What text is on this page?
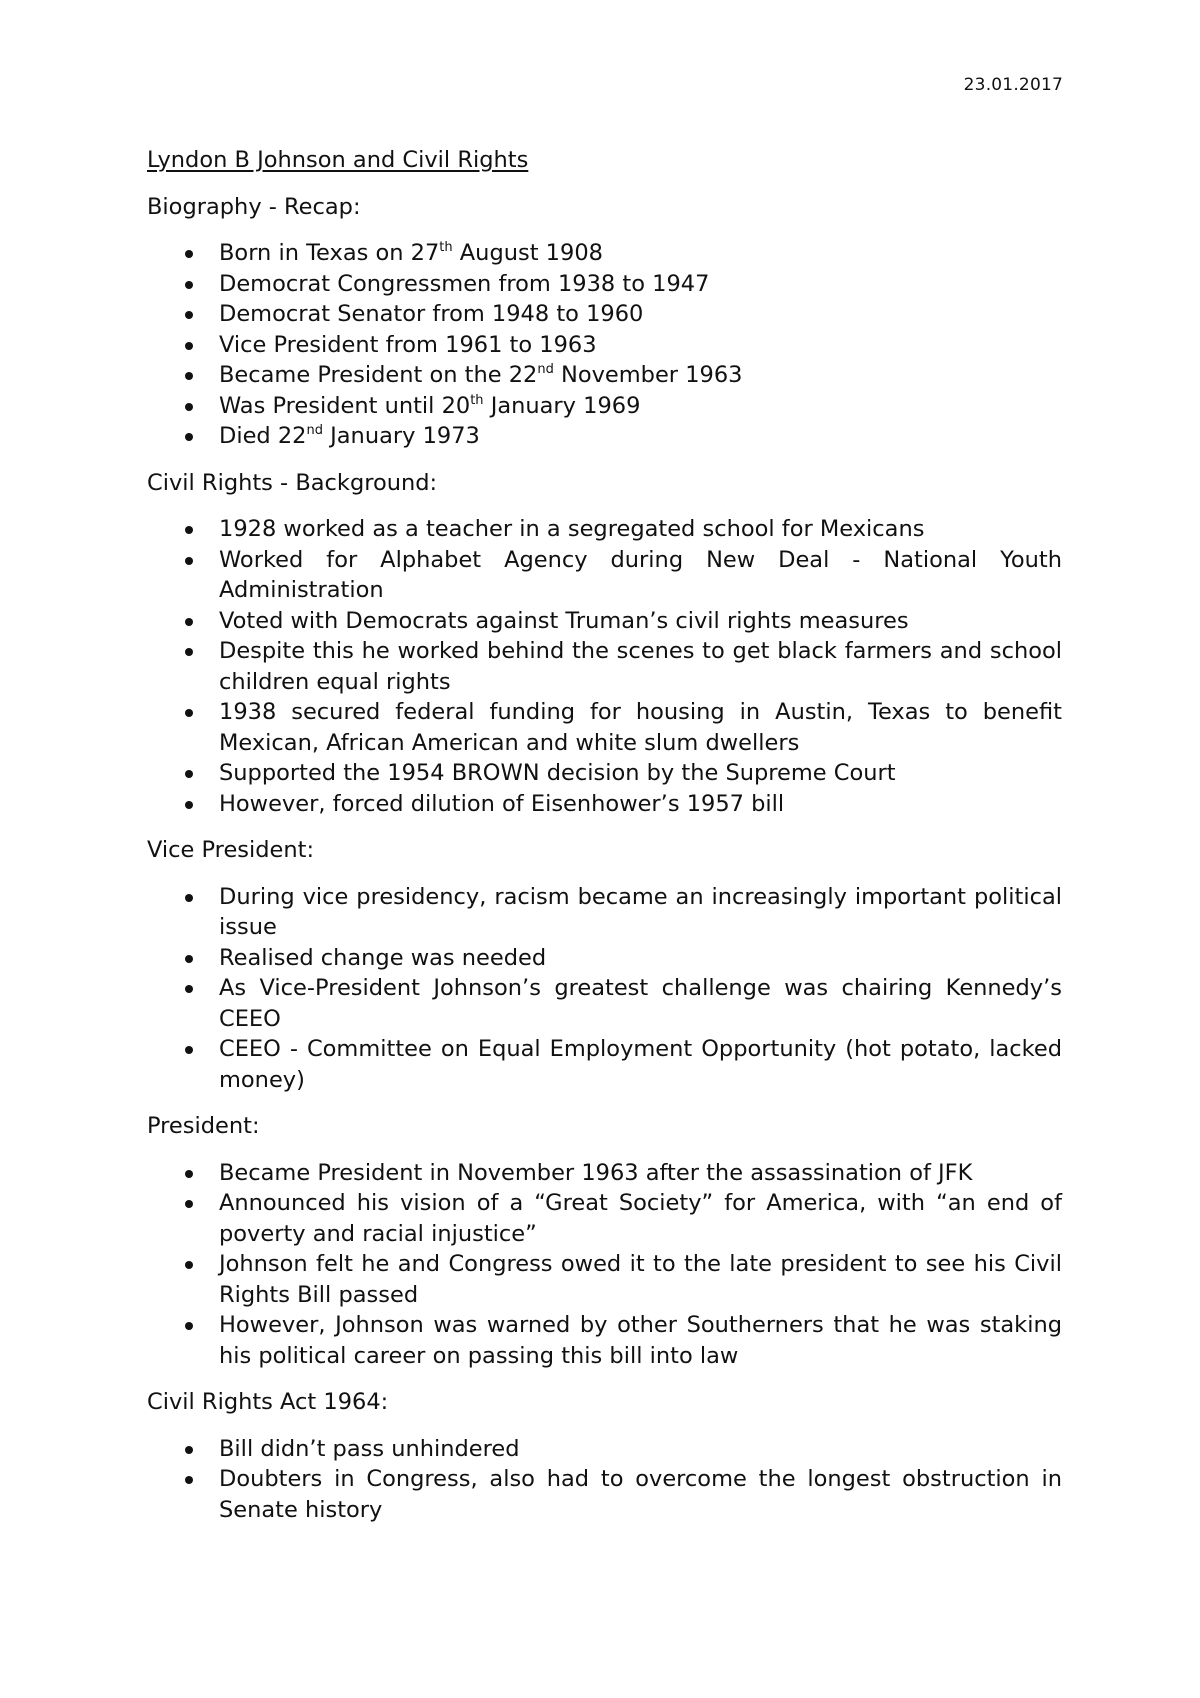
23.01.2017
Lyndon B Johnson and Civil Rights
Biography - Recap:
Born in Texas on 27th August 1908
Democrat Congressmen from 1938 to 1947
Democrat Senator from 1948 to 1960
Vice President from 1961 to 1963
Became President on the 22nd November 1963
Was President until 20th January 1969
Died 22nd January 1973
Civil Rights - Background:
1928 worked as a teacher in a segregated school for Mexicans
Worked for Alphabet Agency during New Deal - National Youth Administration
Voted with Democrats against Truman’s civil rights measures
Despite this he worked behind the scenes to get black farmers and school children equal rights
1938 secured federal funding for housing in Austin, Texas to benefit Mexican, African American and white slum dwellers
Supported the 1954 BROWN decision by the Supreme Court
However, forced dilution of Eisenhower’s 1957 bill
Vice President:
During vice presidency, racism became an increasingly important political issue
Realised change was needed
As Vice-President Johnson’s greatest challenge was chairing Kennedy’s CEEO
CEEO - Committee on Equal Employment Opportunity (hot potato, lacked money)
President:
Became President in November 1963 after the assassination of JFK
Announced his vision of a “Great Society” for America, with “an end of poverty and racial injustice”
Johnson felt he and Congress owed it to the late president to see his Civil Rights Bill passed
However, Johnson was warned by other Southerners that he was staking his political career on passing this bill into law
Civil Rights Act 1964:
Bill didn’t pass unhindered
Doubters in Congress, also had to overcome the longest obstruction in Senate history
